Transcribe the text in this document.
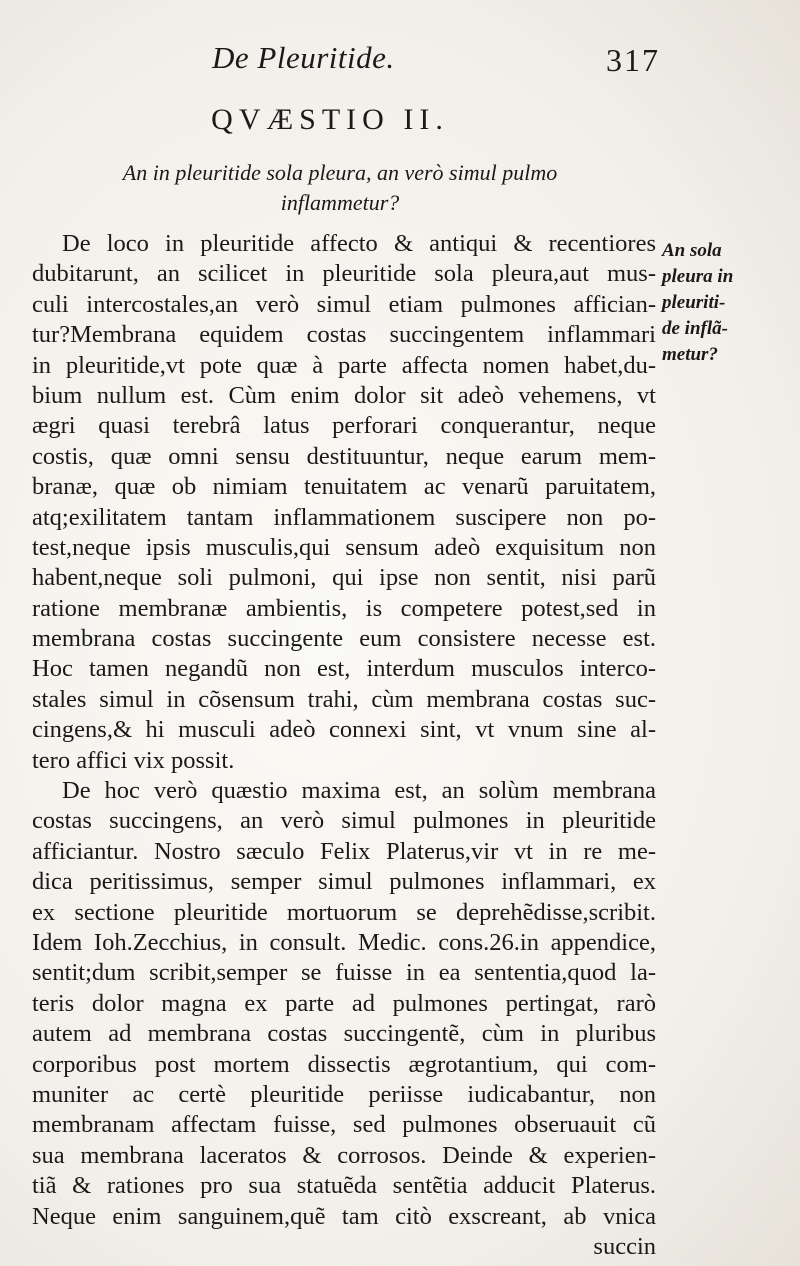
De Pleuritide.	317
QVÆSTIO II.
An in pleuritide sola pleura, an verò simul pulmo
inflammetur?
An sola
pleura in
pleuriti-
de inflã-
metur?
De loco in pleuritide affecto & antiqui & recentiores
dubitarunt, an scilicet in pleuritide sola pleura,aut mus-
culi intercostales,an verò simul etiam pulmones affician-
tur?Membrana equidem costas succingentem inflammari
in pleuritide,vt pote quæ à parte affecta nomen habet,du-
bium nullum est. Cùm enim dolor sit adeò vehemens, vt
ægri quasi terebrâ latus perforari conquerantur, neque
costis, quæ omni sensu destituuntur, neque earum mem-
branæ, quæ ob nimiam tenuitatem ac venarũ paruitatem,
atq;exilitatem tantam inflammationem suscipere non po-
test,neque ipsis musculis,qui sensum adeò exquisitum non
habent,neque soli pulmoni, qui ipse non sentit, nisi parũ
ratione membranæ ambientis, is competere potest,sed in
membrana costas succingente eum consistere necesse est.
Hoc tamen negandũ non est, interdum musculos interco-
stales simul in cõsensum trahi, cùm membrana costas suc-
cingens,& hi musculi adeò connexi sint, vt vnum sine al-
tero affici vix possit.
De hoc verò quæstio maxima est, an solùm membrana
costas succingens, an verò simul pulmones in pleuritide
afficiantur. Nostro sæculo Felix Platerus,vir vt in re me-
dica peritissimus, semper simul pulmones inflammari, ex
ex sectione pleuritide mortuorum se deprehẽdisse,scribit.
Idem Ioh.Zecchius, in consult. Medic. cons.26.in appendice,
sentit;dum scribit,semper se fuisse in ea sententia,quod la-
teris dolor magna ex parte ad pulmones pertingat, rarò
autem ad membrana costas succingentẽ, cùm in pluribus
corporibus post mortem dissectis ægrotantium, qui com-
muniter ac certè pleuritide periisse iudicabantur, non
membranam affectam fuisse, sed pulmones obseruauit cũ
sua membrana laceratos & corrosos. Deinde & experien-
tiã & rationes pro sua statuẽda sentẽtia adducit Platerus.
Neque enim sanguinem,quẽ tam citò exscreant, ab vnica
succin
